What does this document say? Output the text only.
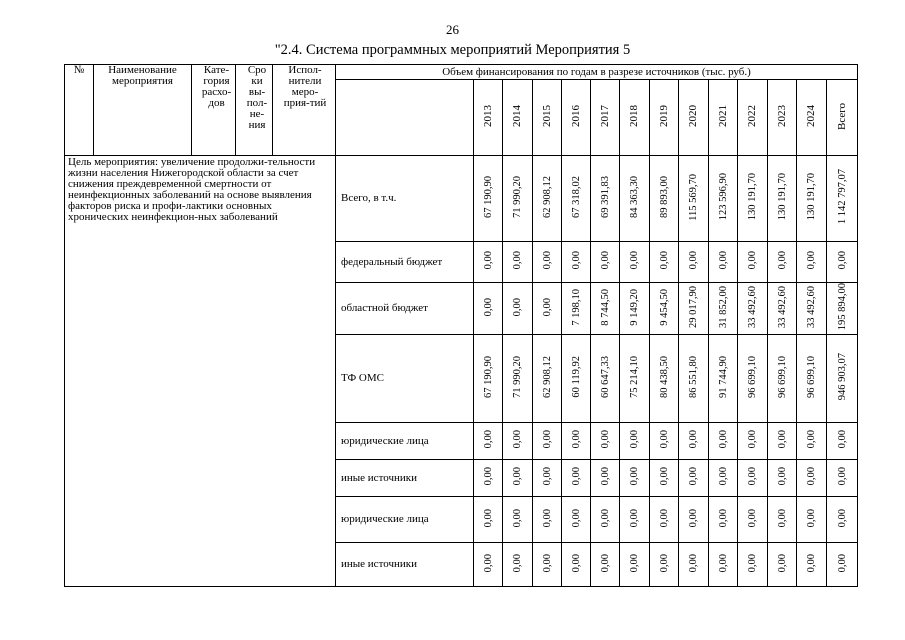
26
"2.4. Система программных мероприятий Мероприятия 5
№	Наименование мероприятия	Кате-гория расхо-дов	Сро ки вы-пол-не-ния	Испол-нители меро-прия-тий	Объем финансирования по годам в разрезе источников (тыс. руб.)													
						2013	2014	2015	2016	2017	2018	2019	2020	2021	2022	2023	2024	Всего
Цель мероприятия: увеличение продолжи-тельности жизни населения Нижегородской области за счет снижения преждевременной смертности от неинфекционных заболеваний на основе выявления факторов риска и профи-лактики основных хронических неинфекцион-ных заболеваний					Всего, в т.ч.	67 190,90	71 990,20	62 908,12	67 318,02	69 391,83	84 363,30	89 893,00	115 569,70	123 596,90	130 191,70	130 191,70	130 191,70	1 142 797,07
					федеральный бюджет	0,00	0,00	0,00	0,00	0,00	0,00	0,00	0,00	0,00	0,00	0,00	0,00	0,00
					областной бюджет	0,00	0,00	0,00	7 198,10	8 744,50	9 149,20	9 454,50	29 017,90	31 852,00	33 492,60	33 492,60	33 492,60	195 894,00
					ТФ ОМС	67 190,90	71 990,20	62 908,12	60 119,92	60 647,33	75 214,10	80 438,50	86 551,80	91 744,90	96 699,10	96 699,10	96 699,10	946 903,07
					юридические лица	0,00	0,00	0,00	0,00	0,00	0,00	0,00	0,00	0,00	0,00	0,00	0,00	0,00
					иные источники	0,00	0,00	0,00	0,00	0,00	0,00	0,00	0,00	0,00	0,00	0,00	0,00	0,00
					юридические лица	0,00	0,00	0,00	0,00	0,00	0,00	0,00	0,00	0,00	0,00	0,00	0,00	0,00
					иные источники	0,00	0,00	0,00	0,00	0,00	0,00	0,00	0,00	0,00	0,00	0,00	0,00	0,00
